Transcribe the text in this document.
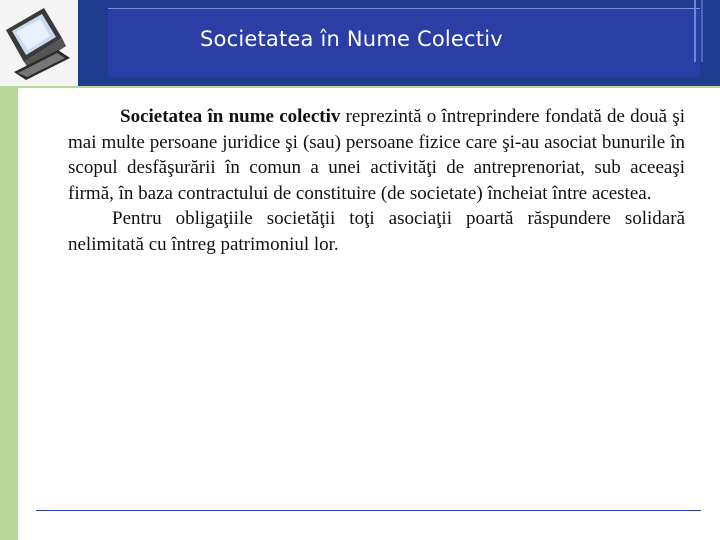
Societatea în Nume Colectiv

Societatea în nume colectiv reprezintă o întreprindere fondată de două şi mai multe persoane juridice şi (sau) persoane fizice care şi-au asociat bunurile în scopul desfăşurării în comun a unei activităţi de antreprenoriat, sub aceeaşi firmă, în baza contractului de constituire (de societate) încheiat între acestea.

Pentru obligaţiile societăţii toţi asociaţii poartă răspundere solidară nelimitată cu întreg patrimoniul lor.
